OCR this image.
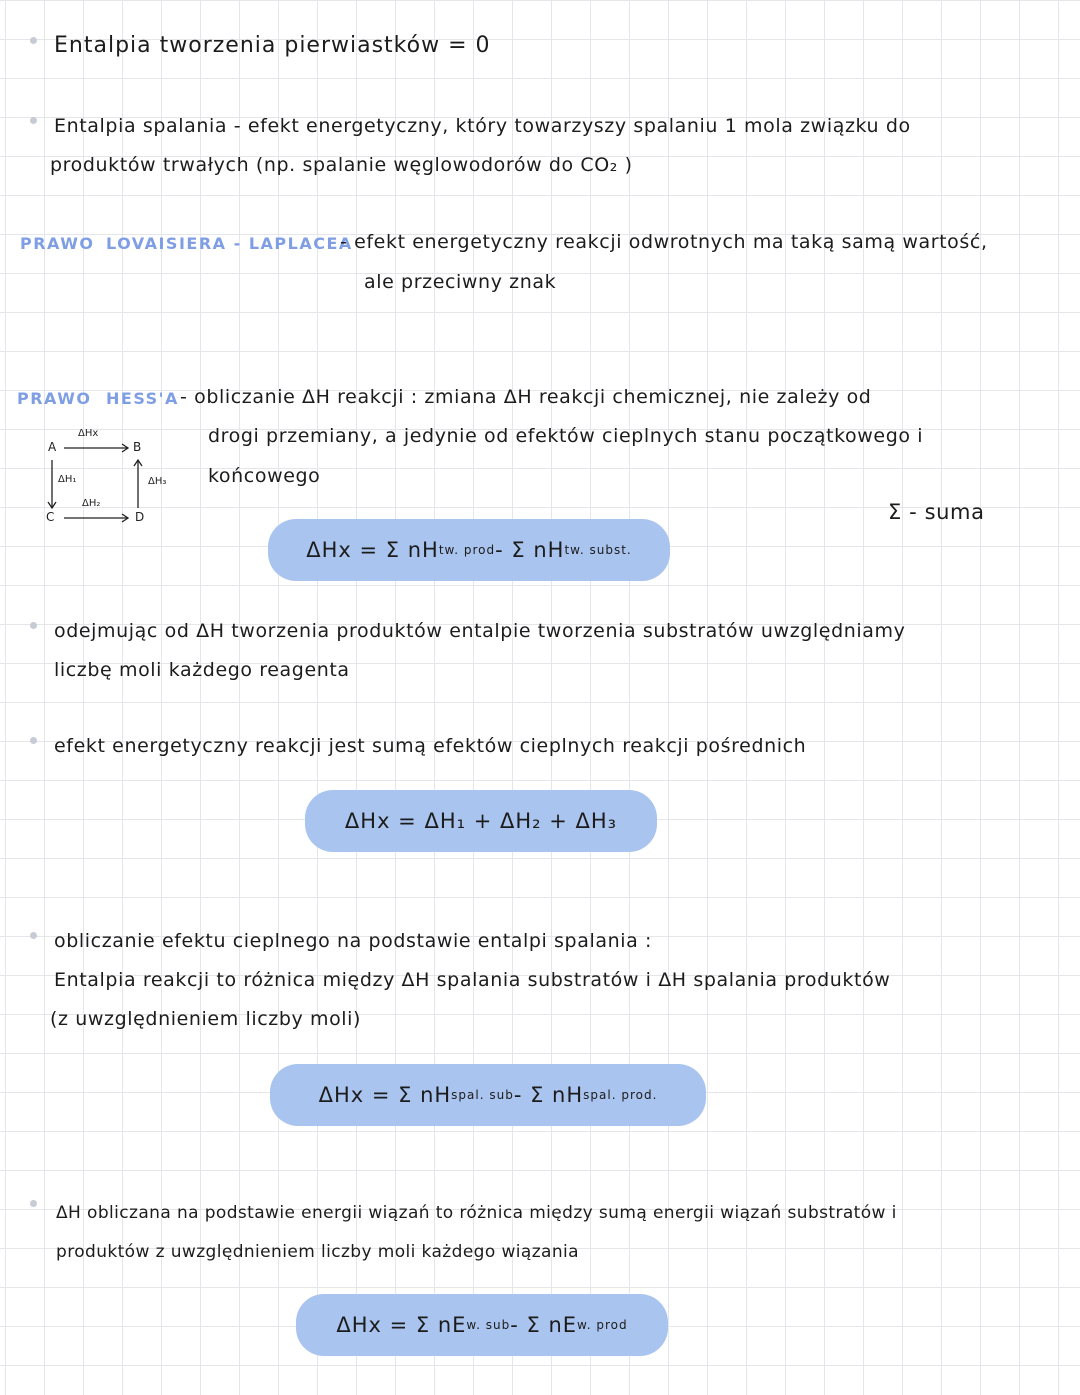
Entalpia tworzenia pierwiastków = 0
Entalpia spalania - efekt energetyczny, który towarzyszy spalaniu 1 mola związku do
produktów trwałych (np. spalanie węglowodorów do CO₂ )
PRAWO LOVAISIERA - LAPLACEA
- efekt energetyczny reakcji odwrotnych ma taką samą wartość,
ale przeciwny znak
PRAWO HESS'A - obliczanie ΔH reakcji : zmiana ΔH reakcji chemicznej, nie zależy od
drogi przemiany, a jedynie od efektów cieplnych stanu początkowego i
końcowego
Σ - suma
A	B
C	D
ΔHx
ΔH₁
ΔH₂
ΔH₃
ΔHx = Σ nH tw. prod - Σ nH tw. subst.
odejmując od ΔH tworzenia produktów entalpie tworzenia substratów uwzględniamy
liczbę moli każdego reagenta
efekt energetyczny reakcji jest sumą efektów cieplnych reakcji pośrednich
ΔHx = ΔH₁ + ΔH₂ + ΔH₃
obliczanie efektu cieplnego na podstawie entalpi spalania :
Entalpia reakcji to różnica między ΔH spalania substratów i ΔH spalania produktów
(z uwzględnieniem liczby moli)
ΔHx = Σ nH spal. sub - Σ nH spal. prod.
ΔH obliczana na podstawie energii wiązań to różnica między sumą energii wiązań substratów i
produktów z uwzględnieniem liczby moli każdego wiązania
ΔHx = Σ nE w. sub - Σ nE w. prod
